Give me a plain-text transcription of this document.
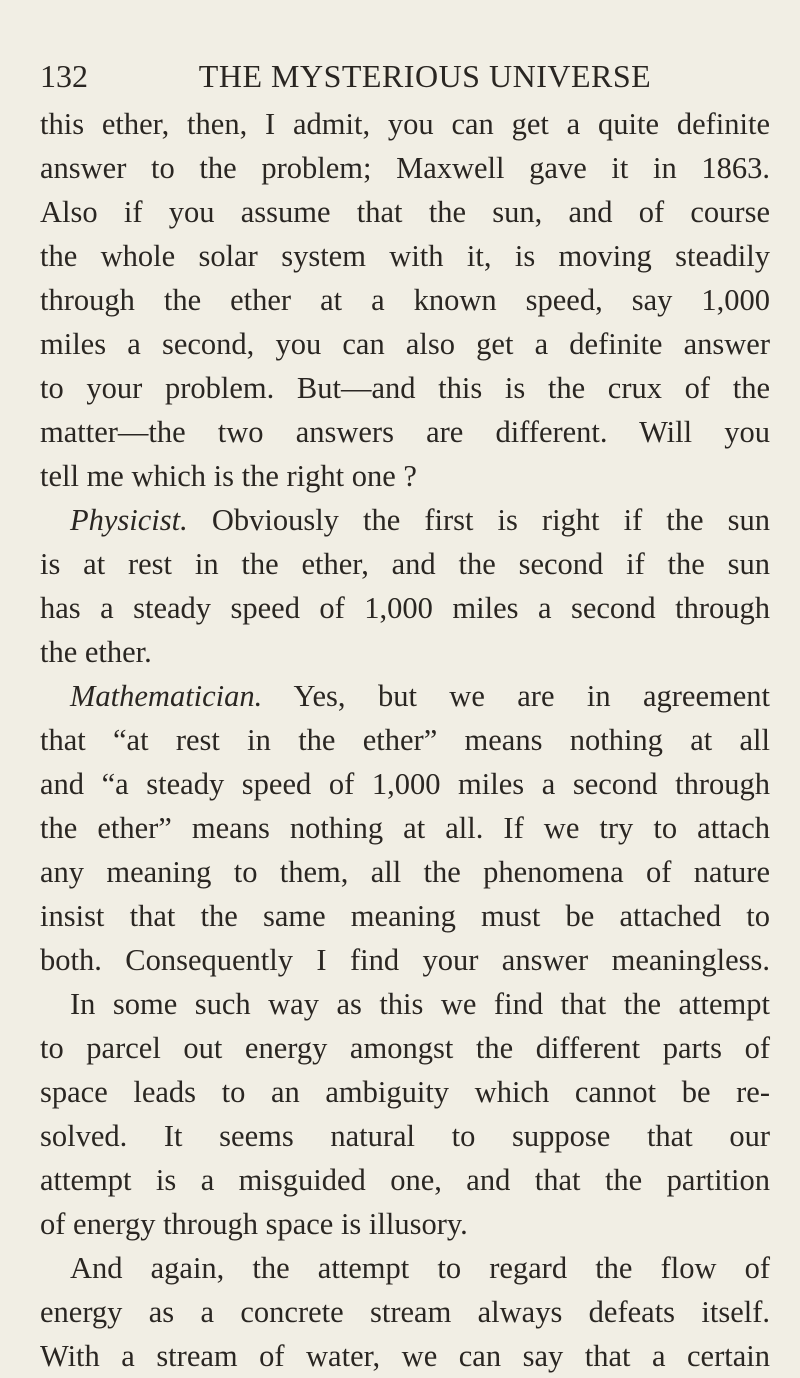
132	THE MYSTERIOUS UNIVERSE
this ether, then, I admit, you can get a quite definite
answer to the problem; Maxwell gave it in 1863.
Also if you assume that the sun, and of course
the whole solar system with it, is moving steadily
through the ether at a known speed, say 1,000
miles a second, you can also get a definite answer
to your problem. But—and this is the crux of the
matter—the two answers are different. Will you
tell me which is the right one ?
Physicist. Obviously the first is right if the sun
is at rest in the ether, and the second if the sun
has a steady speed of 1,000 miles a second through
the ether.
Mathematician. Yes, but we are in agreement
that “at rest in the ether” means nothing at all
and “a steady speed of 1,000 miles a second through
the ether” means nothing at all. If we try to attach
any meaning to them, all the phenomena of nature
insist that the same meaning must be attached to
both. Consequently I find your answer meaningless.
In some such way as this we find that the attempt
to parcel out energy amongst the different parts of
space leads to an ambiguity which cannot be re-
solved. It seems natural to suppose that our
attempt is a misguided one, and that the partition
of energy through space is illusory.
And again, the attempt to regard the flow of
energy as a concrete stream always defeats itself.
With a stream of water, we can say that a certain
